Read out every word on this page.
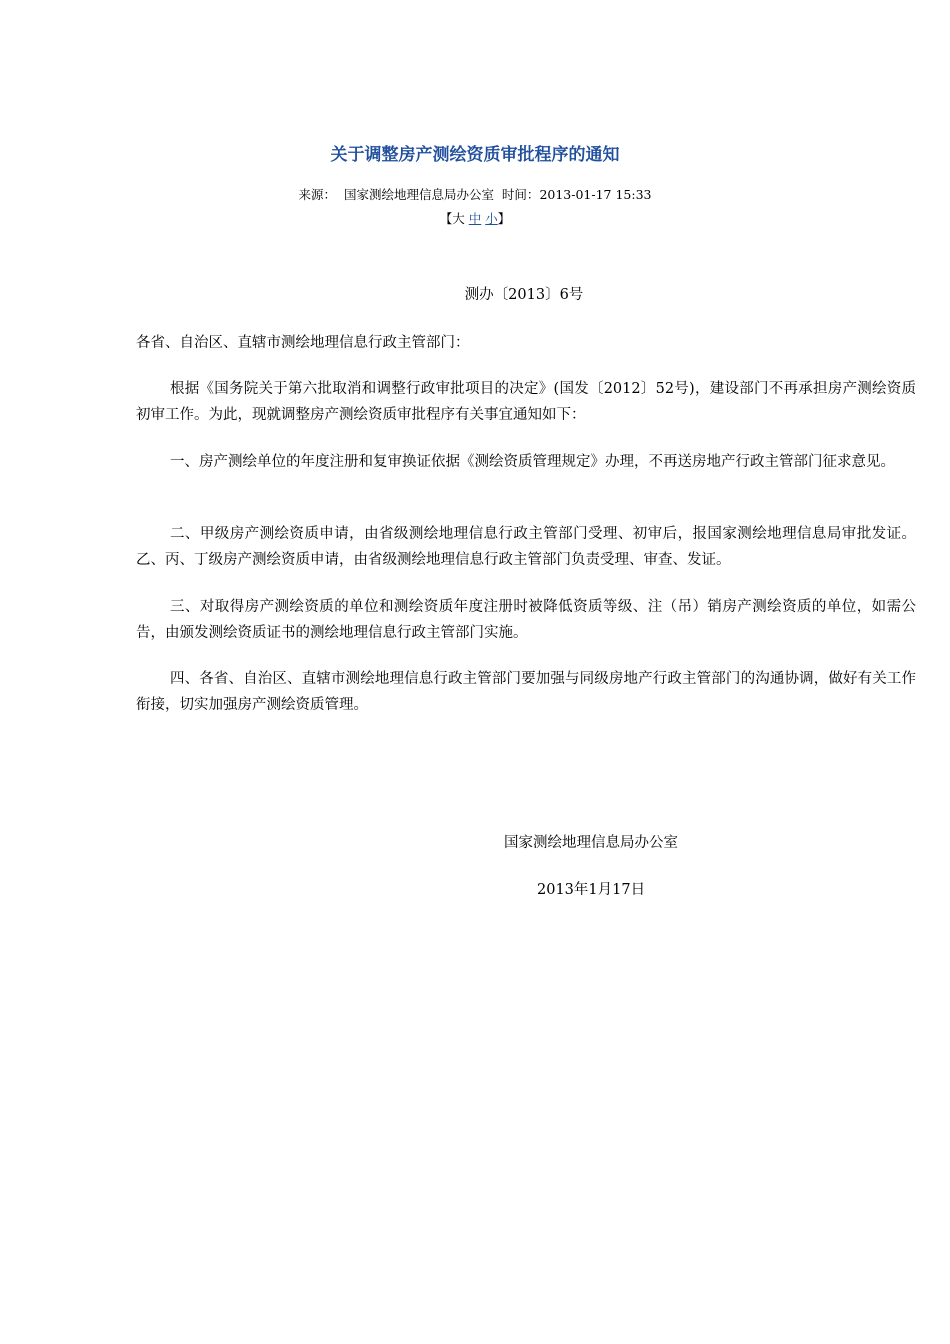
关于调整房产测绘资质审批程序的通知
来源： 国家测绘地理信息局办公室 时间：2013-01-17 15:33
【大 中 小】
测办〔2013〕6号
各省、自治区、直辖市测绘地理信息行政主管部门：
根据《国务院关于第六批取消和调整行政审批项目的决定》(国发〔2012〕52号)，建设部门不再承担房产测绘资质初审工作。为此，现就调整房产测绘资质审批程序有关事宜通知如下：
一、房产测绘单位的年度注册和复审换证依据《测绘资质管理规定》办理，不再送房地产行政主管部门征求意见。
二、甲级房产测绘资质申请，由省级测绘地理信息行政主管部门受理、初审后，报国家测绘地理信息局审批发证。乙、丙、丁级房产测绘资质申请，由省级测绘地理信息行政主管部门负责受理、审查、发证。
三、对取得房产测绘资质的单位和测绘资质年度注册时被降低资质等级、注（吊）销房产测绘资质的单位，如需公告，由颁发测绘资质证书的测绘地理信息行政主管部门实施。
四、各省、自治区、直辖市测绘地理信息行政主管部门要加强与同级房地产行政主管部门的沟通协调，做好有关工作衔接，切实加强房产测绘资质管理。
国家测绘地理信息局办公室
2013年1月17日
